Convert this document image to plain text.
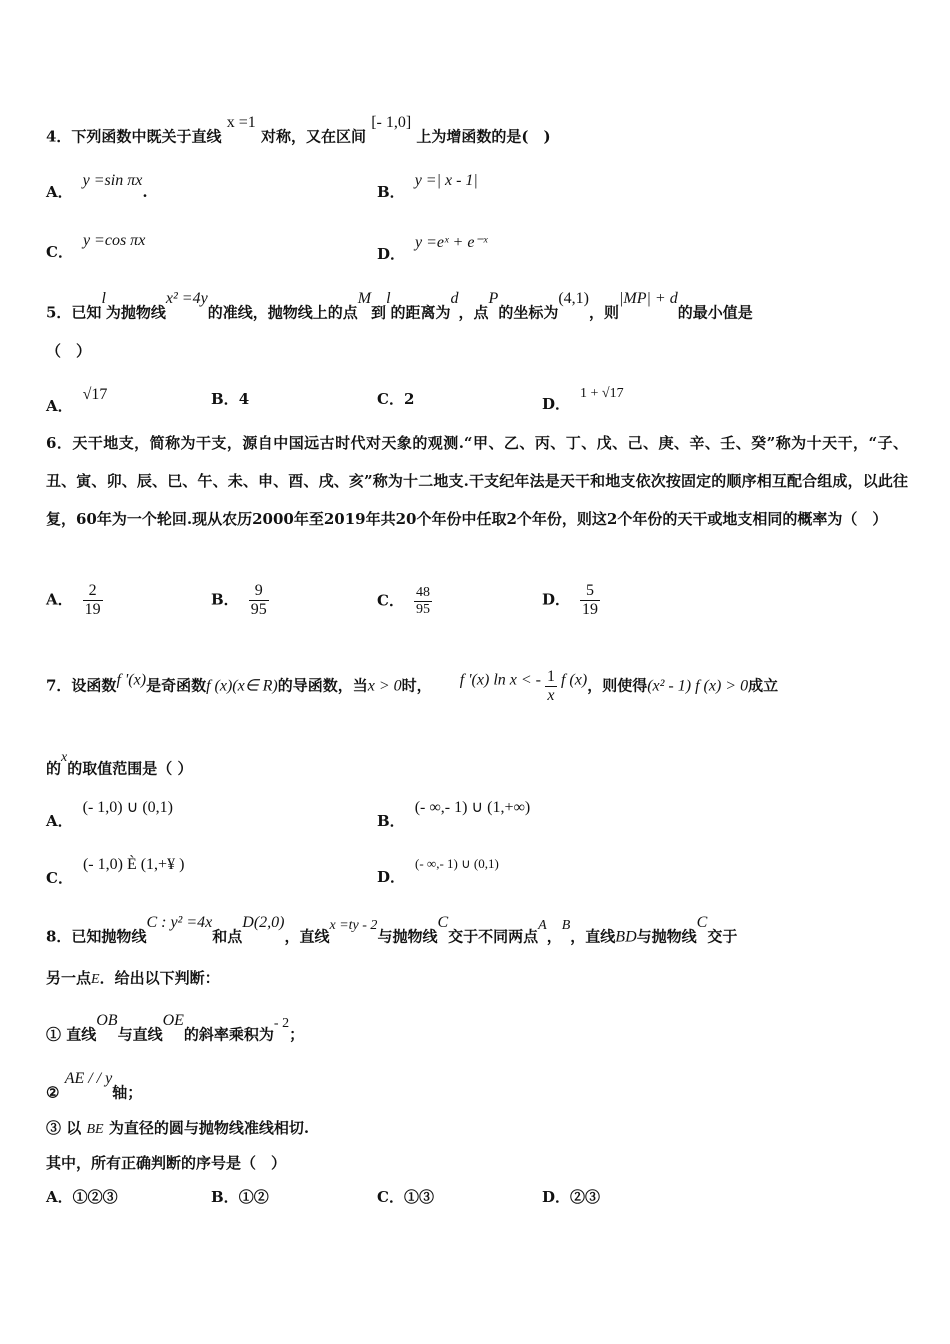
4．下列函数中既关于直线 x =1 对称，又在区间 [- 1,0] 上为增函数的是(　)
A．y =sin πx.	B．y =| x - 1|
C．y =cos πx
D．y =eˣ + e⁻ˣ
5．已知l为抛物线x² =4y的准线，抛物线上的点M到l的距离为d，点P的坐标为(4,1)，则|MP| + d的最小值是
（　）
A．√17	B．4	C．2	D．1 + √17
6．天干地支，简称为干支，源自中国远古时代对天象的观测.“甲、乙、丙、丁、戊、己、庚、辛、壬、癸”称为十天干，“子、丑、寅、卯、辰、巳、午、未、申、酉、戌、亥”称为十二地支.干支纪年法是天干和地支依次按固定的顺序相互配合组成，以此往复，60年为一个轮回.现从农历2000年至2019年共20个年份中任取2个年份，则这2个年份的天干或地支相同的概率为（　）
A． $\frac{2}{19}$	B． $\frac{9}{95}$	C． $\frac{48}{95}$	D． $\frac{5}{19}$
7．设函数f '(x)是奇函数f (x)(x∈ R)的导函数，当x > 0时， f '(x) ln x < - $\frac{1}{x}$ f (x)，则使得(x² - 1) f (x) > 0成立
的x的取值范围是（ ）
A．(- 1,0) ∪ (0,1)
B．(- ∞,- 1) ∪ (1,+∞)
C．(- 1,0) È (1,+¥ )
D．(- ∞,- 1) ∪ (0,1)
8．已知抛物线C : y² =4x和点D(2,0)，直线x =ty - 2与抛物线C交于不同两点A，B，直线BD与抛物线C交于
另一点E．给出以下判断：
① 直线OB与直线OE的斜率乘积为- 2；
② AE / / y轴；
③ 以 BE 为直径的圆与抛物线准线相切.
其中，所有正确判断的序号是（　）
A．①②③	B．①②	C．①③	D．②③
